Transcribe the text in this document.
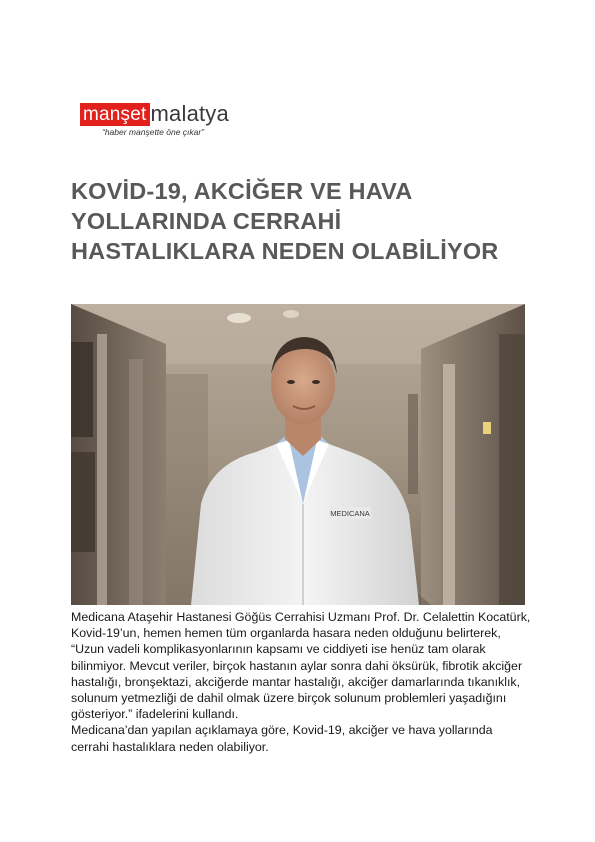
manşet malatya
“haber manşette öne çıkar”
KOVİD-19, AKCİĞER VE HAVA YOLLARINDA CERRAHİ HASTALIKLARA NEDEN OLABİLİYOR
MEDICANA

Medicana Ataşehir Hastanesi Göğüs Cerrahisi Uzmanı Prof. Dr. Celalettin Kocatürk, Kovid-19’un, hemen hemen tüm organlarda hasara neden olduğunu belirterek, “Uzun vadeli komplikasyonlarının kapsamı ve ciddiyeti ise henüz tam olarak bilinmiyor. Mevcut veriler, birçok hastanın aylar sonra dahi öksürük, fibrotik akciğer hastalığı, bronşektazi, akciğerde mantar hastalığı, akciğer damarlarında tıkanıklık, solunum yetmezliği de dahil olmak üzere birçok solunum problemleri yaşadığını gösteriyor.” ifadelerini kullandı.

Medicana’dan yapılan açıklamaya göre, Kovid-19, akciğer ve hava yollarında cerrahi hastalıklara neden olabiliyor.
